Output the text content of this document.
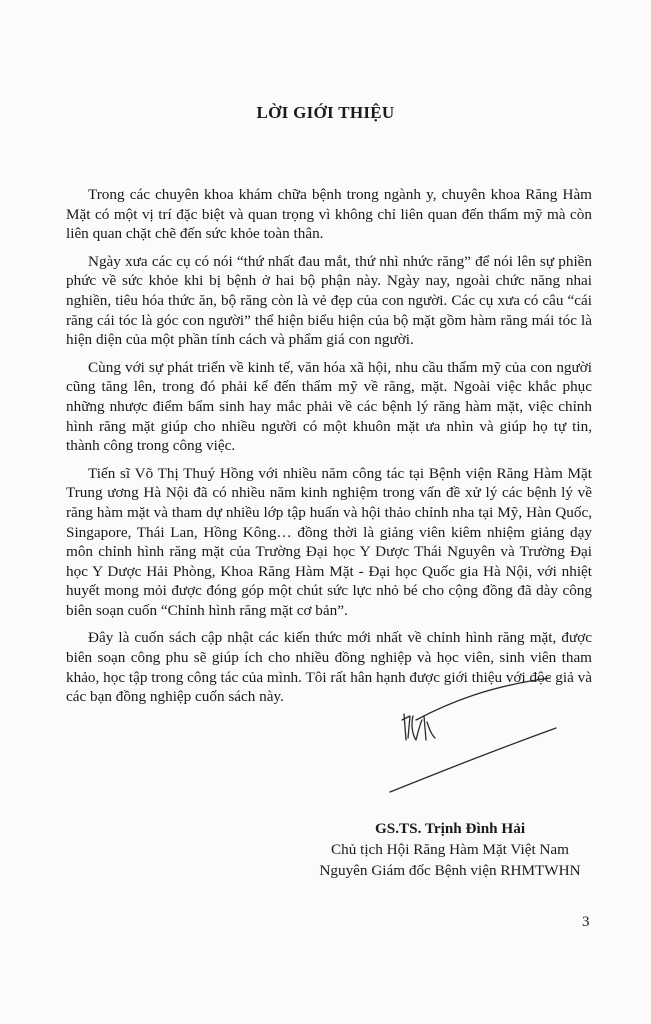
LỜI GIỚI THIỆU

Trong các chuyên khoa khám chữa bệnh trong ngành y, chuyên khoa Răng Hàm Mặt có một vị trí đặc biệt và quan trọng vì không chỉ liên quan đến thẩm mỹ mà còn liên quan chặt chẽ đến sức khỏe toàn thân.

Ngày xưa các cụ có nói “thứ nhất đau mắt, thứ nhì nhức răng” để nói lên sự phiền phức về sức khỏe khi bị bệnh ở hai bộ phận này. Ngày nay, ngoài chức năng nhai nghiền, tiêu hóa thức ăn, bộ răng còn là vẻ đẹp của con người. Các cụ xưa có câu “cái răng cái tóc là góc con người” thể hiện biểu hiện của bộ mặt gồm hàm răng mái tóc là hiện diện của một phần tính cách và phẩm giá con người.

Cùng với sự phát triển về kinh tế, văn hóa xã hội, nhu cầu thẩm mỹ của con người cũng tăng lên, trong đó phải kể đến thẩm mỹ về răng, mặt. Ngoài việc khắc phục những nhược điểm bẩm sinh hay mắc phải về các bệnh lý răng hàm mặt, việc chỉnh hình răng mặt giúp cho nhiều người có một khuôn mặt ưa nhìn và giúp họ tự tin, thành công trong công việc.

Tiến sĩ Võ Thị Thuý Hồng với nhiều năm công tác tại Bệnh viện Răng Hàm Mặt Trung ương Hà Nội đã có nhiều năm kinh nghiệm trong vấn đề xử lý các bệnh lý về răng hàm mặt và tham dự nhiều lớp tập huấn và hội thảo chỉnh nha tại Mỹ, Hàn Quốc, Singapore, Thái Lan, Hồng Kông… đồng thời là giảng viên kiêm nhiệm giảng dạy môn chỉnh hình răng mặt của Trường Đại học Y Dược Thái Nguyên và Trường Đại học Y Dược Hải Phòng, Khoa Răng Hàm Mặt - Đại học Quốc gia Hà Nội, với nhiệt huyết mong mỏi được đóng góp một chút sức lực nhỏ bé cho cộng đồng đã dày công biên soạn cuốn “Chỉnh hình răng mặt cơ bản”.

Đây là cuốn sách cập nhật các kiến thức mới nhất về chỉnh hình răng mặt, được biên soạn công phu sẽ giúp ích cho nhiều đồng nghiệp và học viên, sinh viên tham khảo, học tập trong công tác của mình. Tôi rất hân hạnh được giới thiệu với độc giả và các bạn đồng nghiệp cuốn sách này.

GS.TS. Trịnh Đình Hải
Chủ tịch Hội Răng Hàm Mặt Việt Nam
Nguyên Giám đốc Bệnh viện RHMTWHN
3
